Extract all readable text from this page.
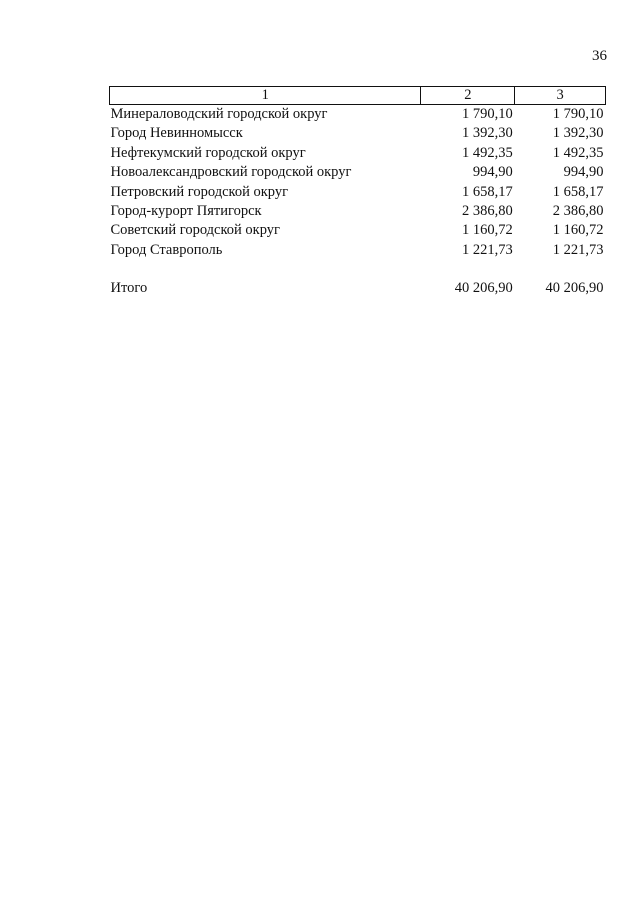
36
1	2	3
Минераловодский городской округ	1 790,10	1 790,10
Город Невинномысск	1 392,30	1 392,30
Нефтекумский городской округ	1 492,35	1 492,35
Новоалександровский городской округ	994,90	994,90
Петровский городской округ	1 658,17	1 658,17
Город-курорт Пятигорск	2 386,80	2 386,80
Советский городской округ	1 160,72	1 160,72
Город Ставрополь	1 221,73	1 221,73

Итого	40 206,90	40 206,90
